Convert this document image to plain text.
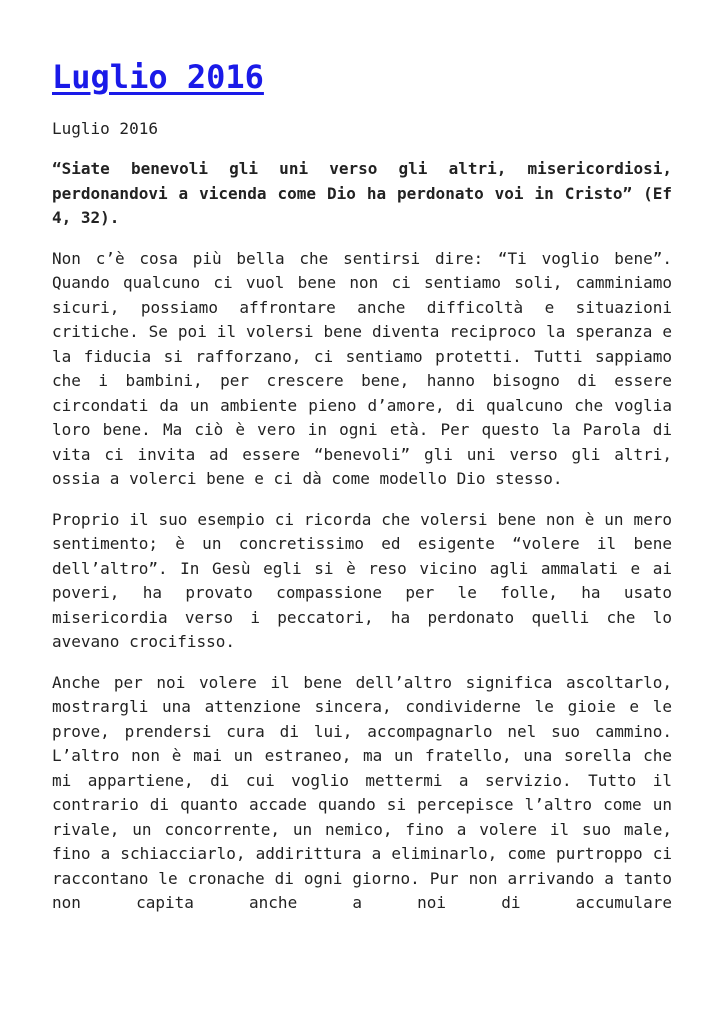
Luglio 2016

Luglio 2016

“Siate benevoli gli uni verso gli altri, misericordiosi, perdonandovi a vicenda come Dio ha perdonato voi in Cristo” (Ef 4, 32).

Non c’è cosa più bella che sentirsi dire: “Ti voglio bene”. Quando qualcuno ci vuol bene non ci sentiamo soli, camminiamo sicuri, possiamo affrontare anche difficoltà e situazioni critiche. Se poi il volersi bene diventa reciproco la speranza e la fiducia si rafforzano, ci sentiamo protetti. Tutti sappiamo che i bambini, per crescere bene, hanno bisogno di essere circondati da un ambiente pieno d’amore, di qualcuno che voglia loro bene. Ma ciò è vero in ogni età. Per questo la Parola di vita ci invita ad essere “benevoli” gli uni verso gli altri, ossia a volerci bene e ci dà come modello Dio stesso.

Proprio il suo esempio ci ricorda che volersi bene non è un mero sentimento; è un concretissimo ed esigente “volere il bene dell’altro”. In Gesù egli si è reso vicino agli ammalati e ai poveri, ha provato compassione per le folle, ha usato misericordia verso i peccatori, ha perdonato quelli che lo avevano crocifisso.

Anche per noi volere il bene dell’altro significa ascoltarlo, mostrargli una attenzione sincera, condividerne le gioie e le prove, prendersi cura di lui, accompagnarlo nel suo cammino. L’altro non è mai un estraneo, ma un fratello, una sorella che mi appartiene, di cui voglio mettermi a servizio. Tutto il contrario di quanto accade quando si percepisce l’altro come un rivale, un concorrente, un nemico, fino a volere il suo male, fino a schiacciarlo, addirittura a eliminarlo, come purtroppo ci raccontano le cronache di ogni giorno. Pur non arrivando a tanto non capita anche a noi di accumulare
